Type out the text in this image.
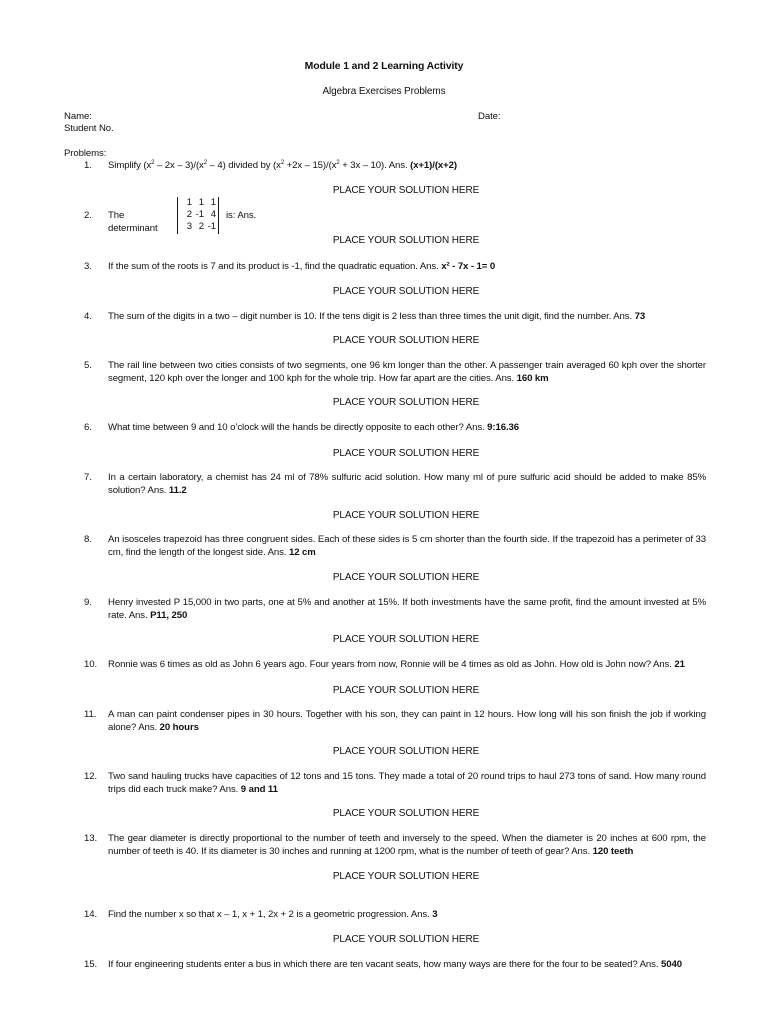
Module 1 and 2 Learning Activity
Algebra Exercises Problems
Name:	Date:
Student No.
Problems:
1.	Simplify $(x^2 - 2x - 3)/(x^2 - 4)$ divided by $(x^2 +2x - 15)/(x^2 + 3x - 10)$. Ans. (x+1)/(x+2)
PLACE YOUR SOLUTION HERE
2.	The determinant
1 1 1
2 -1 4
3 2 -1
is: Ans.
PLACE YOUR SOLUTION HERE
3.	If the sum of the roots is 7 and its product is -1, find the quadratic equation. Ans. x² - 7x - 1= 0
PLACE YOUR SOLUTION HERE
4.	The sum of the digits in a two – digit number is 10. If the tens digit is 2 less than three times the unit digit, find the number. Ans. 73
PLACE YOUR SOLUTION HERE
5.	The rail line between two cities consists of two segments, one 96 km longer than the other. A passenger train averaged 60 kph over the shorter segment, 120 kph over the longer and 100 kph for the whole trip. How far apart are the cities. Ans. 160 km
PLACE YOUR SOLUTION HERE
6.	What time between 9 and 10 o’clock will the hands be directly opposite to each other? Ans. 9:16.36
PLACE YOUR SOLUTION HERE
7.	In a certain laboratory, a chemist has 24 ml of 78% sulfuric acid solution. How many ml of pure sulfuric acid should be added to make 85% solution? Ans. 11.2
PLACE YOUR SOLUTION HERE
8.	An isosceles trapezoid has three congruent sides. Each of these sides is 5 cm shorter than the fourth side. If the trapezoid has a perimeter of 33 cm, find the length of the longest side. Ans. 12 cm
PLACE YOUR SOLUTION HERE
9.	Henry invested P 15,000 in two parts, one at 5% and another at 15%. If both investments have the same profit, find the amount invested at 5% rate. Ans. P11, 250
PLACE YOUR SOLUTION HERE
10.	Ronnie was 6 times as old as John 6 years ago. Four years from now, Ronnie will be 4 times as old as John. How old is John now? Ans. 21
PLACE YOUR SOLUTION HERE
11.	A man can paint condenser pipes in 30 hours. Together with his son, they can paint in 12 hours. How long will his son finish the job if working alone? Ans. 20 hours
PLACE YOUR SOLUTION HERE
12.	Two sand hauling trucks have capacities of 12 tons and 15 tons. They made a total of 20 round trips to haul 273 tons of sand. How many round trips did each truck make? Ans. 9 and 11
PLACE YOUR SOLUTION HERE
13.	The gear diameter is directly proportional to the number of teeth and inversely to the speed. When the diameter is 20 inches at 600 rpm, the number of teeth is 40. If its diameter is 30 inches and running at 1200 rpm, what is the number of teeth of gear? Ans. 120 teeth
PLACE YOUR SOLUTION HERE
14.	Find the number x so that x – 1, x + 1, 2x + 2 is a geometric progression. Ans. 3
PLACE YOUR SOLUTION HERE
15.	If four engineering students enter a bus in which there are ten vacant seats, how many ways are there for the four to be seated? Ans. 5040
